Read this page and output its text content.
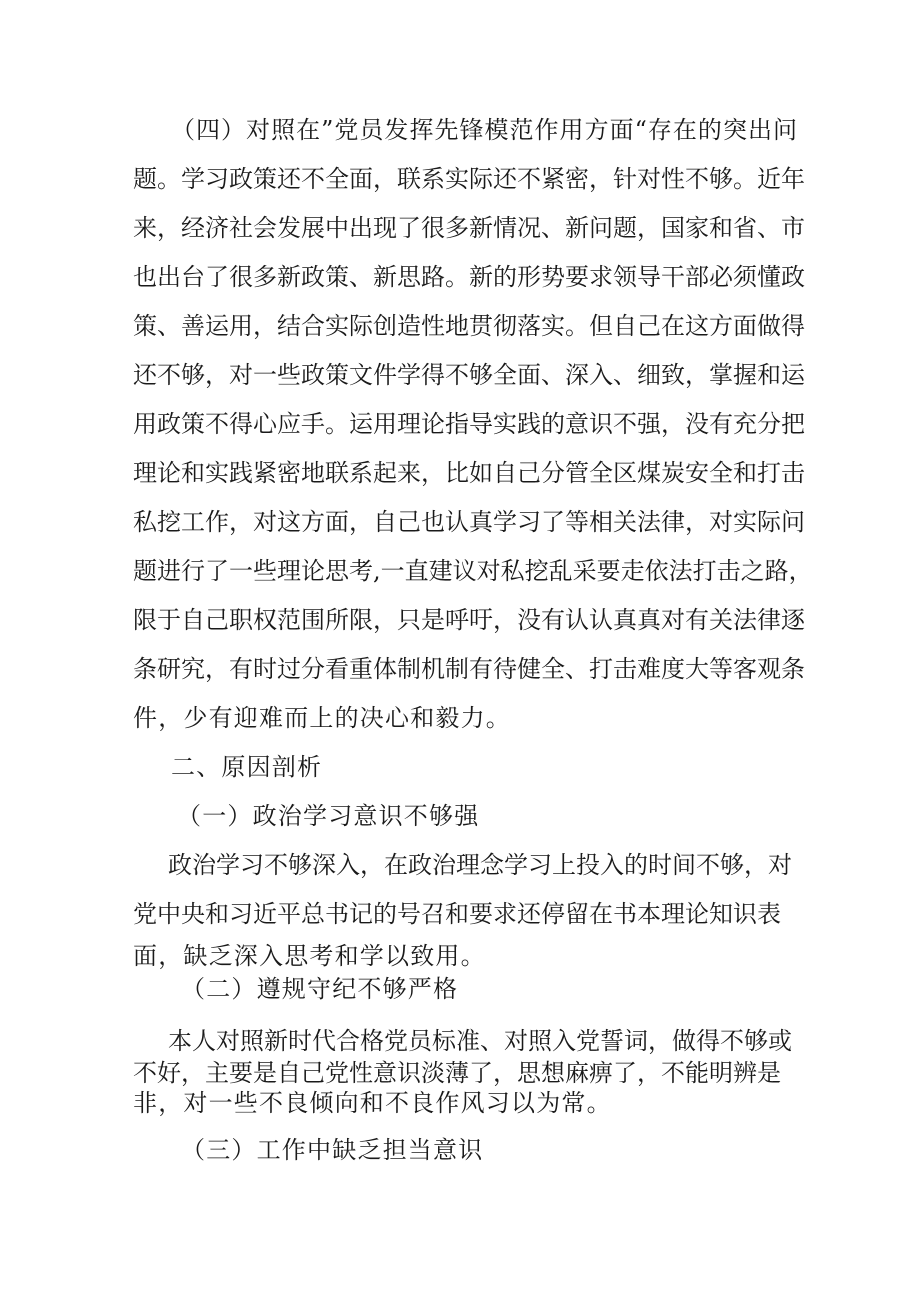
（四）对照在”党员发挥先锋模范作用方面“存在的突出问
题。学习政策还不全面，联系实际还不紧密，针对性不够。近年
来，经济社会发展中出现了很多新情况、新问题，国家和省、市
也出台了很多新政策、新思路。新的形势要求领导干部必须懂政
策、善运用，结合实际创造性地贯彻落实。但自己在这方面做得
还不够，对一些政策文件学得不够全面、深入、细致，掌握和运
用政策不得心应手。运用理论指导实践的意识不强，没有充分把
理论和实践紧密地联系起来，比如自己分管全区煤炭安全和打击
私挖工作，对这方面，自己也认真学习了等相关法律，对实际问
题进行了一些理论思考,一直建议对私挖乱采要走依法打击之路，
限于自己职权范围所限，只是呼吁，没有认认真真对有关法律逐
条研究，有时过分看重体制机制有待健全、打击难度大等客观条
件，少有迎难而上的决心和毅力。
二、原因剖析
（一）政治学习意识不够强
政治学习不够深入，在政治理念学习上投入的时间不够，对
党中央和习近平总书记的号召和要求还停留在书本理论知识表
面，缺乏深入思考和学以致用。
（二）遵规守纪不够严格
本人对照新时代合格党员标准、对照入党誓词，做得不够或
不好，主要是自己党性意识淡薄了，思想麻痹了，不能明辨是
非，对一些不良倾向和不良作风习以为常。
（三）工作中缺乏担当意识
